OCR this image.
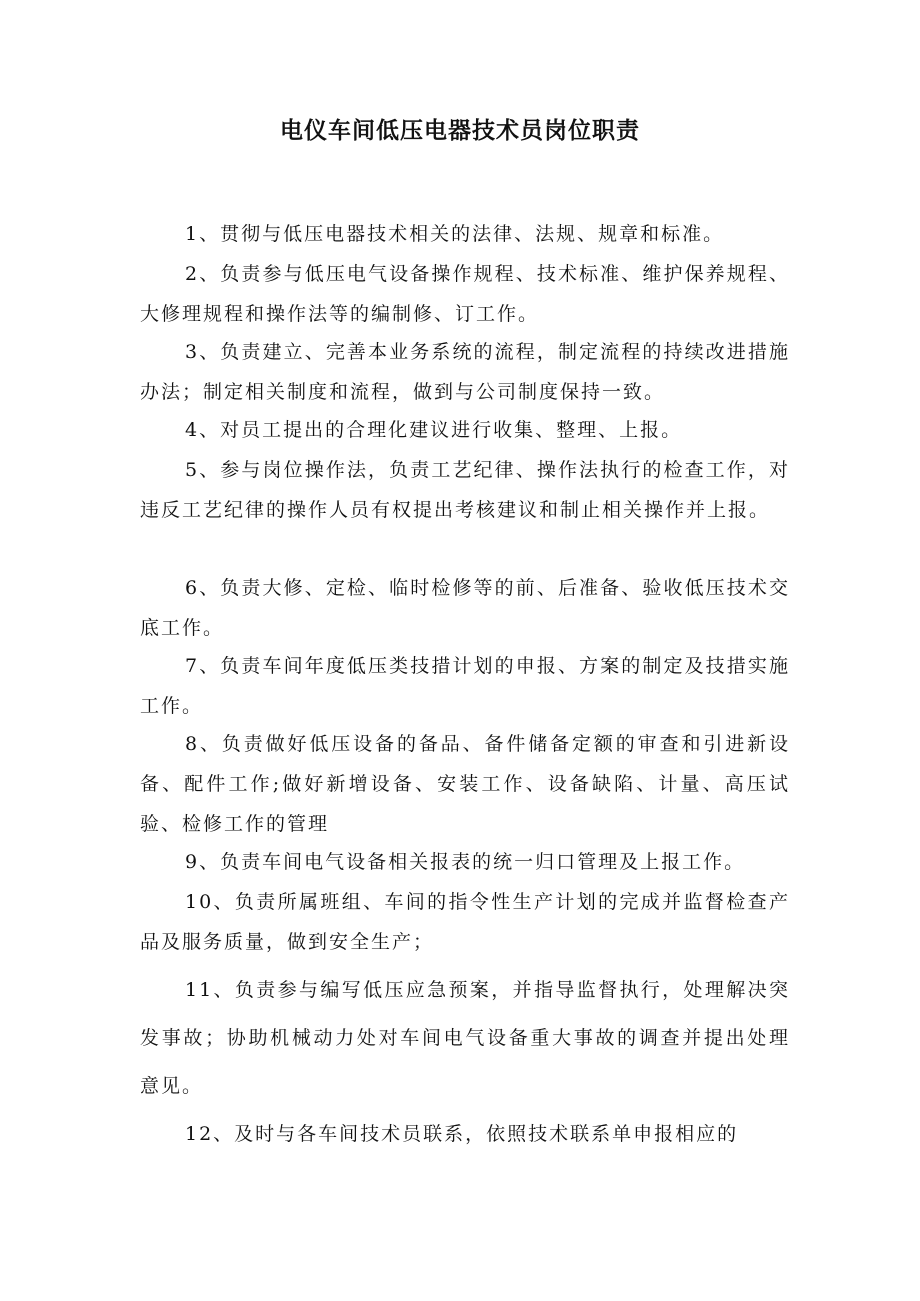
电仪车间低压电器技术员岗位职责

1、贯彻与低压电器技术相关的法律、法规、规章和标准。

2、负责参与低压电气设备操作规程、技术标准、维护保养规程、大修理规程和操作法等的编制修、订工作。

3、负责建立、完善本业务系统的流程，制定流程的持续改进措施办法；制定相关制度和流程，做到与公司制度保持一致。

4、对员工提出的合理化建议进行收集、整理、上报。

5、参与岗位操作法，负责工艺纪律、操作法执行的检查工作，对违反工艺纪律的操作人员有权提出考核建议和制止相关操作并上报。

6、负责大修、定检、临时检修等的前、后准备、验收低压技术交底工作。

7、负责车间年度低压类技措计划的申报、方案的制定及技措实施工作。

8、负责做好低压设备的备品、备件储备定额的审查和引进新设备、配件工作;做好新增设备、安装工作、设备缺陷、计量、高压试验、检修工作的管理

9、负责车间电气设备相关报表的统一归口管理及上报工作。

10、负责所属班组、车间的指令性生产计划的完成并监督检查产品及服务质量，做到安全生产；

11、负责参与编写低压应急预案，并指导监督执行，处理解决突发事故；协助机械动力处对车间电气设备重大事故的调查并提出处理意见。

12、及时与各车间技术员联系，依照技术联系单申报相应的
